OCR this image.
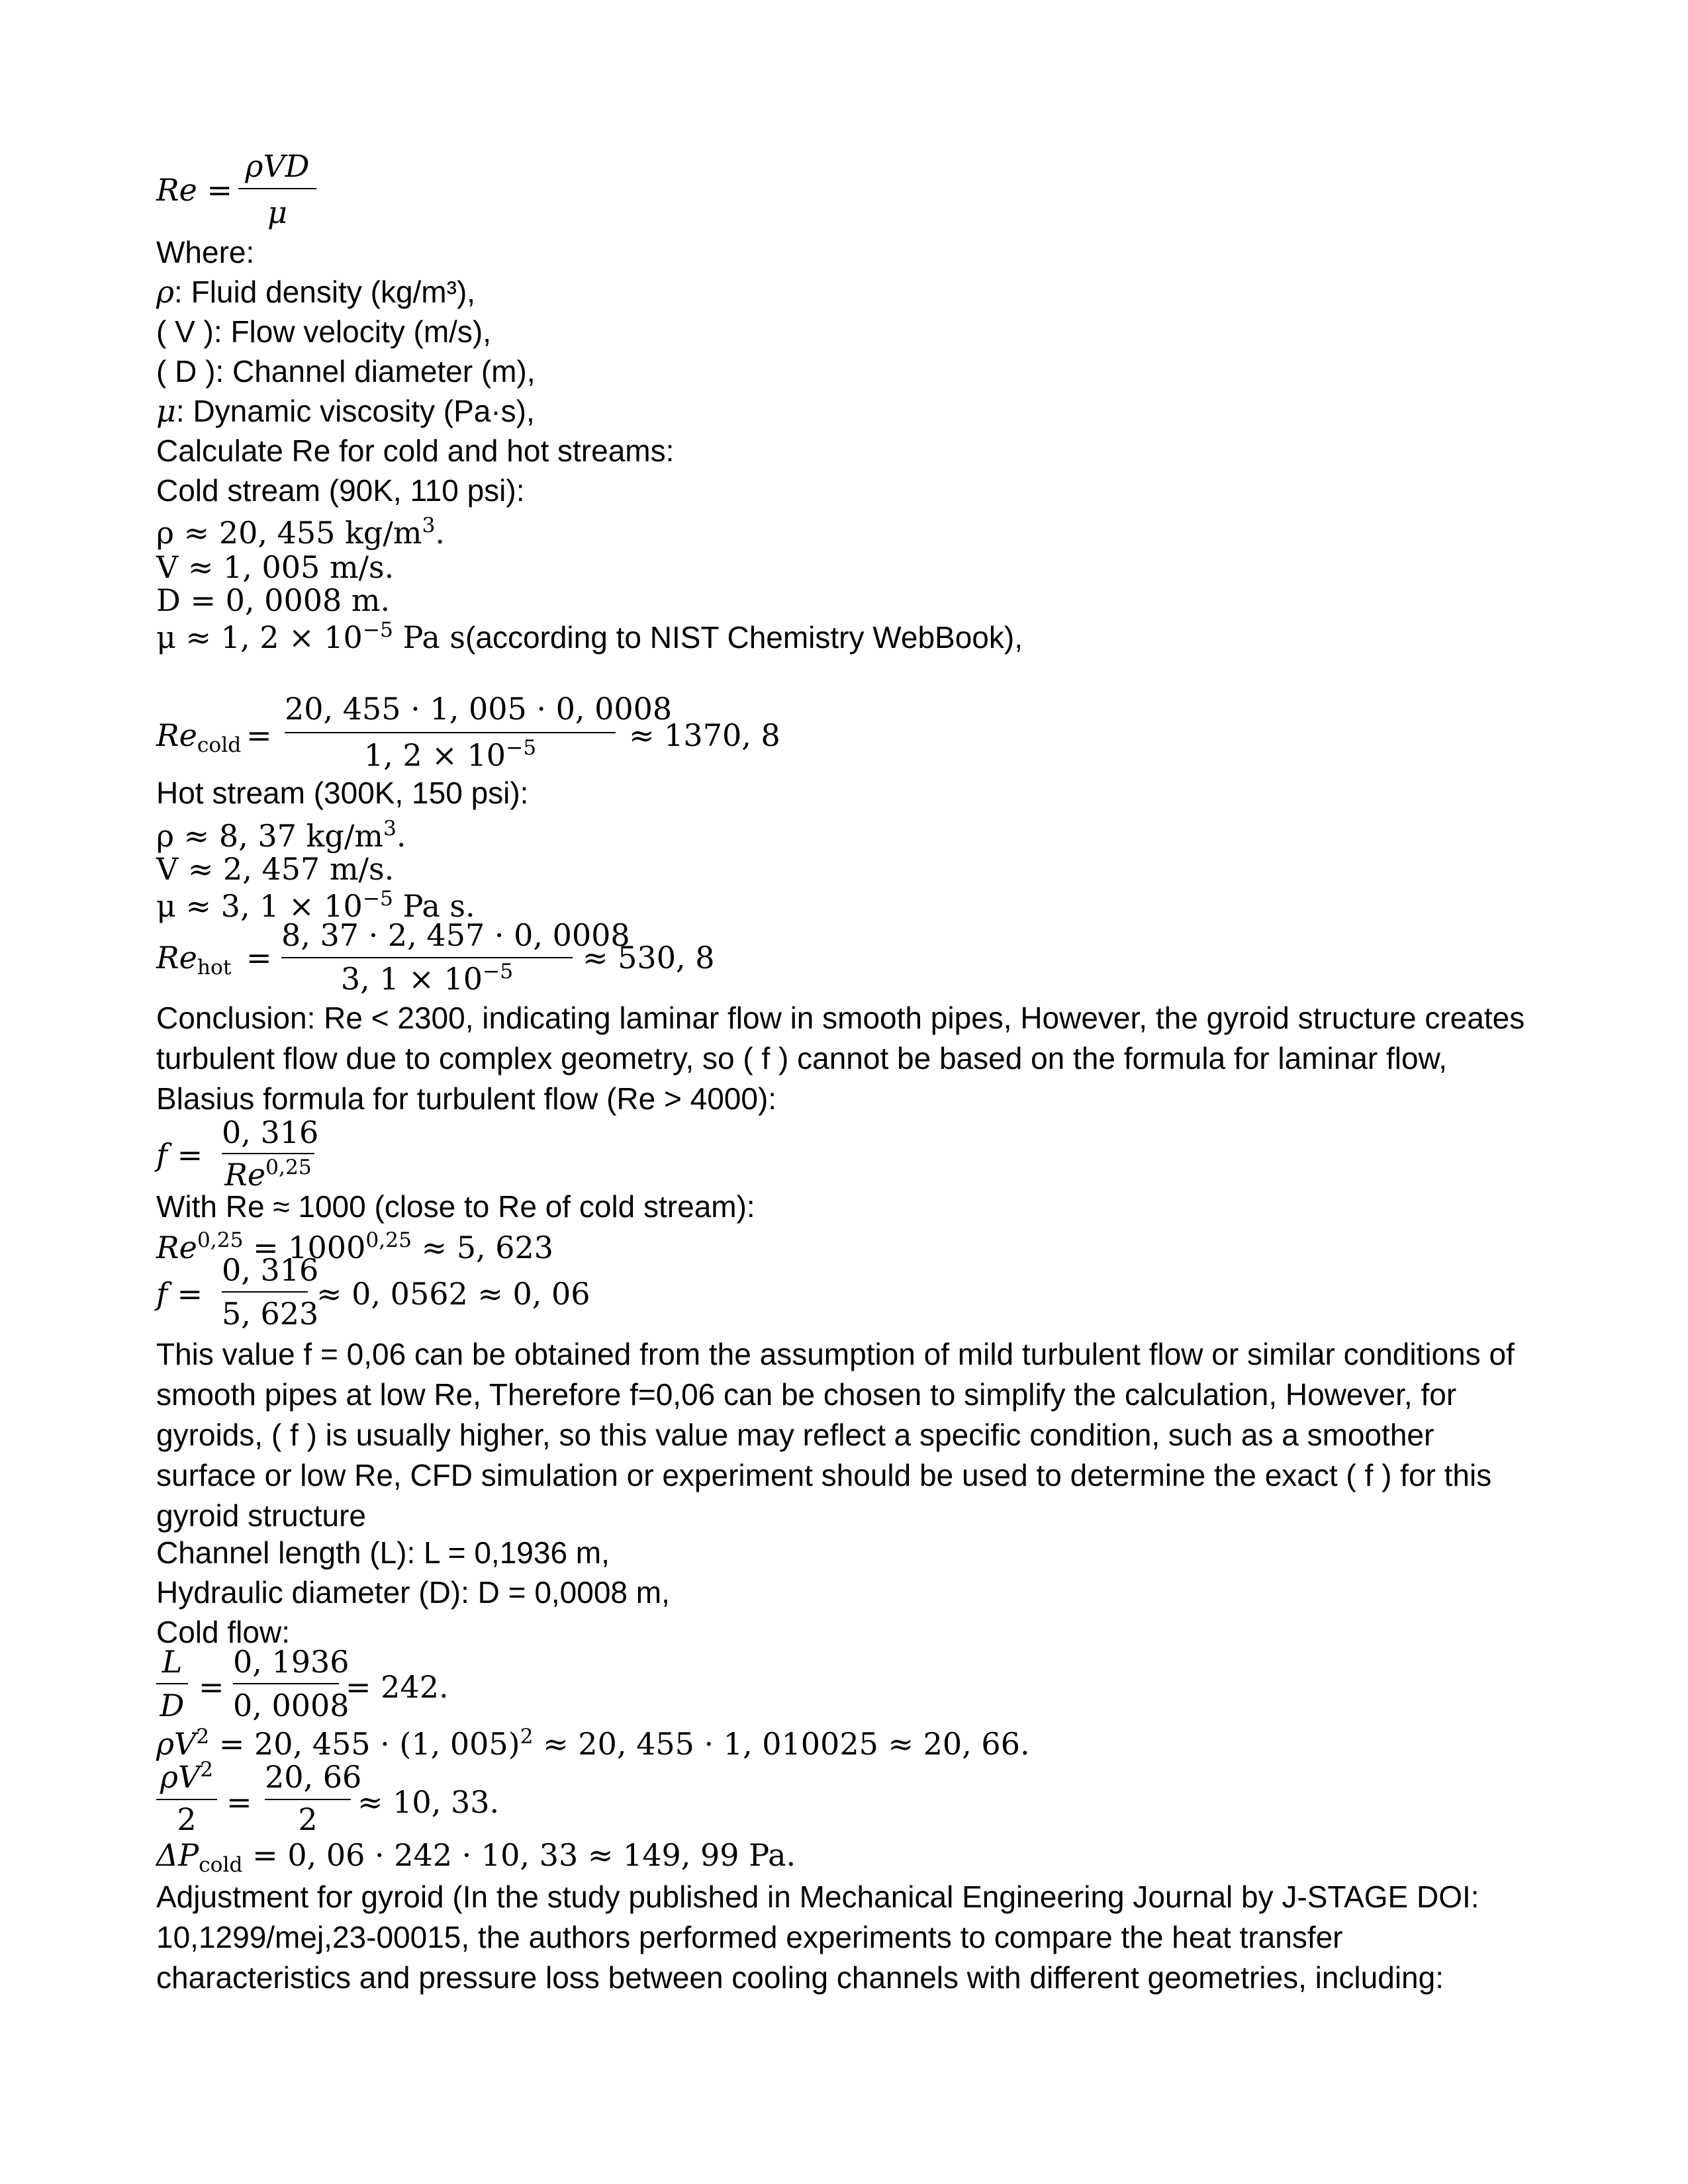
Re =
ρVD
μ
Where:
ρ: Fluid density (kg/m³),
( V ): Flow velocity (m/s),
( D ): Channel diameter (m),
μ: Dynamic viscosity (Pa·s),
Calculate Re for cold and hot streams:
Cold stream (90K, 110 psi):
ρ ≈ 20, 455 $kg/m^3$.
V ≈ 1, 005 m/s.
D = 0, 0008 m.
μ ≈ 1, $2 \times 10^{-5}$ Pa s(according to NIST Chemistry WebBook),
$Re_{cold}$ =
20, 455 · 1, 005 · 0, 0008
1, $2 \times 10^{-5}$	≈ 1370, 8
Hot stream (300K, 150 psi):
ρ ≈ 8, 37 $kg/m^3$.
V ≈ 2, 457 m/s.
μ ≈ 3, $1 \times 10^{-5}$ Pa s.
$Re_{hot}$ =
8, 37 · 2, 457 · 0, 0008
3, $1 \times 10^{-5}$	≈ 530, 8
Conclusion: Re < 2300, indicating laminar flow in smooth pipes, However, the gyroid structure creates turbulent flow due to complex geometry, so ( f ) cannot be based on the formula for laminar flow, Blasius formula for turbulent flow (Re > 4000):
f =
0, 316
Re$^{0,25}$
With Re ≈ 1000 (close to Re of cold stream):
$Re^{0,25} = 1000^{0,25} \approx 5$, 623
f =
0, 316
5, 623
≈ 0, 0562 ≈ 0, 06
This value f = 0,06 can be obtained from the assumption of mild turbulent flow or similar conditions of smooth pipes at low Re, Therefore f=0,06 can be chosen to simplify the calculation, However, for gyroids, ( f ) is usually higher, so this value may reflect a specific condition, such as a smoother surface or low Re, CFD simulation or experiment should be used to determine the exact ( f ) for this gyroid structure
Channel length (L): L = 0,1936 m,
Hydraulic diameter (D): D = 0,0008 m,
Cold flow:
L
D
=
0, 1936
0, 0008
= 242.
$\rho V^2 = 20$, 455 · (1, 005)$^2$ ≈ 20, 455 · 1, 010025 ≈ 20, 66.
$\rho V^2$
2 =
20, 66
2	≈ 10, 33.
$\Delta P_{cold} = 0$, 06 · 242 · 10, 33 ≈ 149, 99 Pa.
Adjustment for gyroid (In the study published in Mechanical Engineering Journal by J-STAGE DOI: 10,1299/mej,23-00015, the authors performed experiments to compare the heat transfer characteristics and pressure loss between cooling channels with different geometries, including:
